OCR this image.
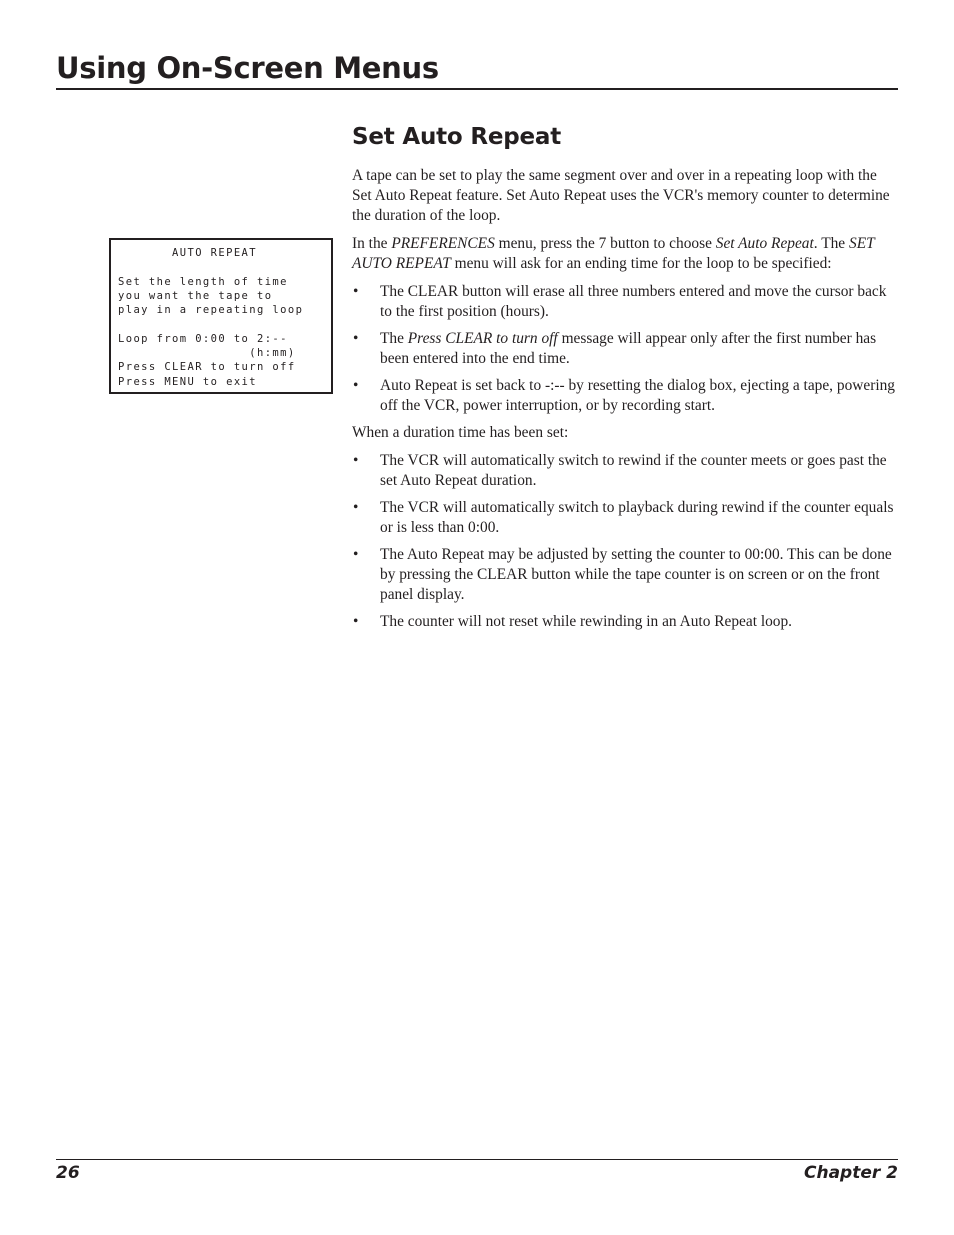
Using On-Screen Menus
AUTO REPEAT
Set the length of time
you want the tape to
play in a repeating loop
Loop from 0:00 to 2:--
(h:mm)
Press CLEAR to turn off
Press MENU to exit
Set Auto Repeat

A tape can be set to play the same segment over and over in a repeating loop with the Set Auto Repeat feature. Set Auto Repeat uses the VCR's memory counter to determine the duration of the loop.

In the PREFERENCES menu, press the 7 button to choose Set Auto Repeat. The SET AUTO REPEAT menu will ask for an ending time for the loop to be specified:

• The CLEAR button will erase all three numbers entered and move the cursor back to the first position (hours).
• The Press CLEAR to turn off message will appear only after the first number has been entered into the end time.
• Auto Repeat is set back to -:-- by resetting the dialog box, ejecting a tape, powering off the VCR, power interruption, or by recording start.

When a duration time has been set:

• The VCR will automatically switch to rewind if the counter meets or goes past the set Auto Repeat duration.
• The VCR will automatically switch to playback during rewind if the counter equals or is less than 0:00.
• The Auto Repeat may be adjusted by setting the counter to 00:00. This can be done by pressing the CLEAR button while the tape counter is on screen or on the front panel display.
• The counter will not reset while rewinding in an Auto Repeat loop.
26	Chapter 2
